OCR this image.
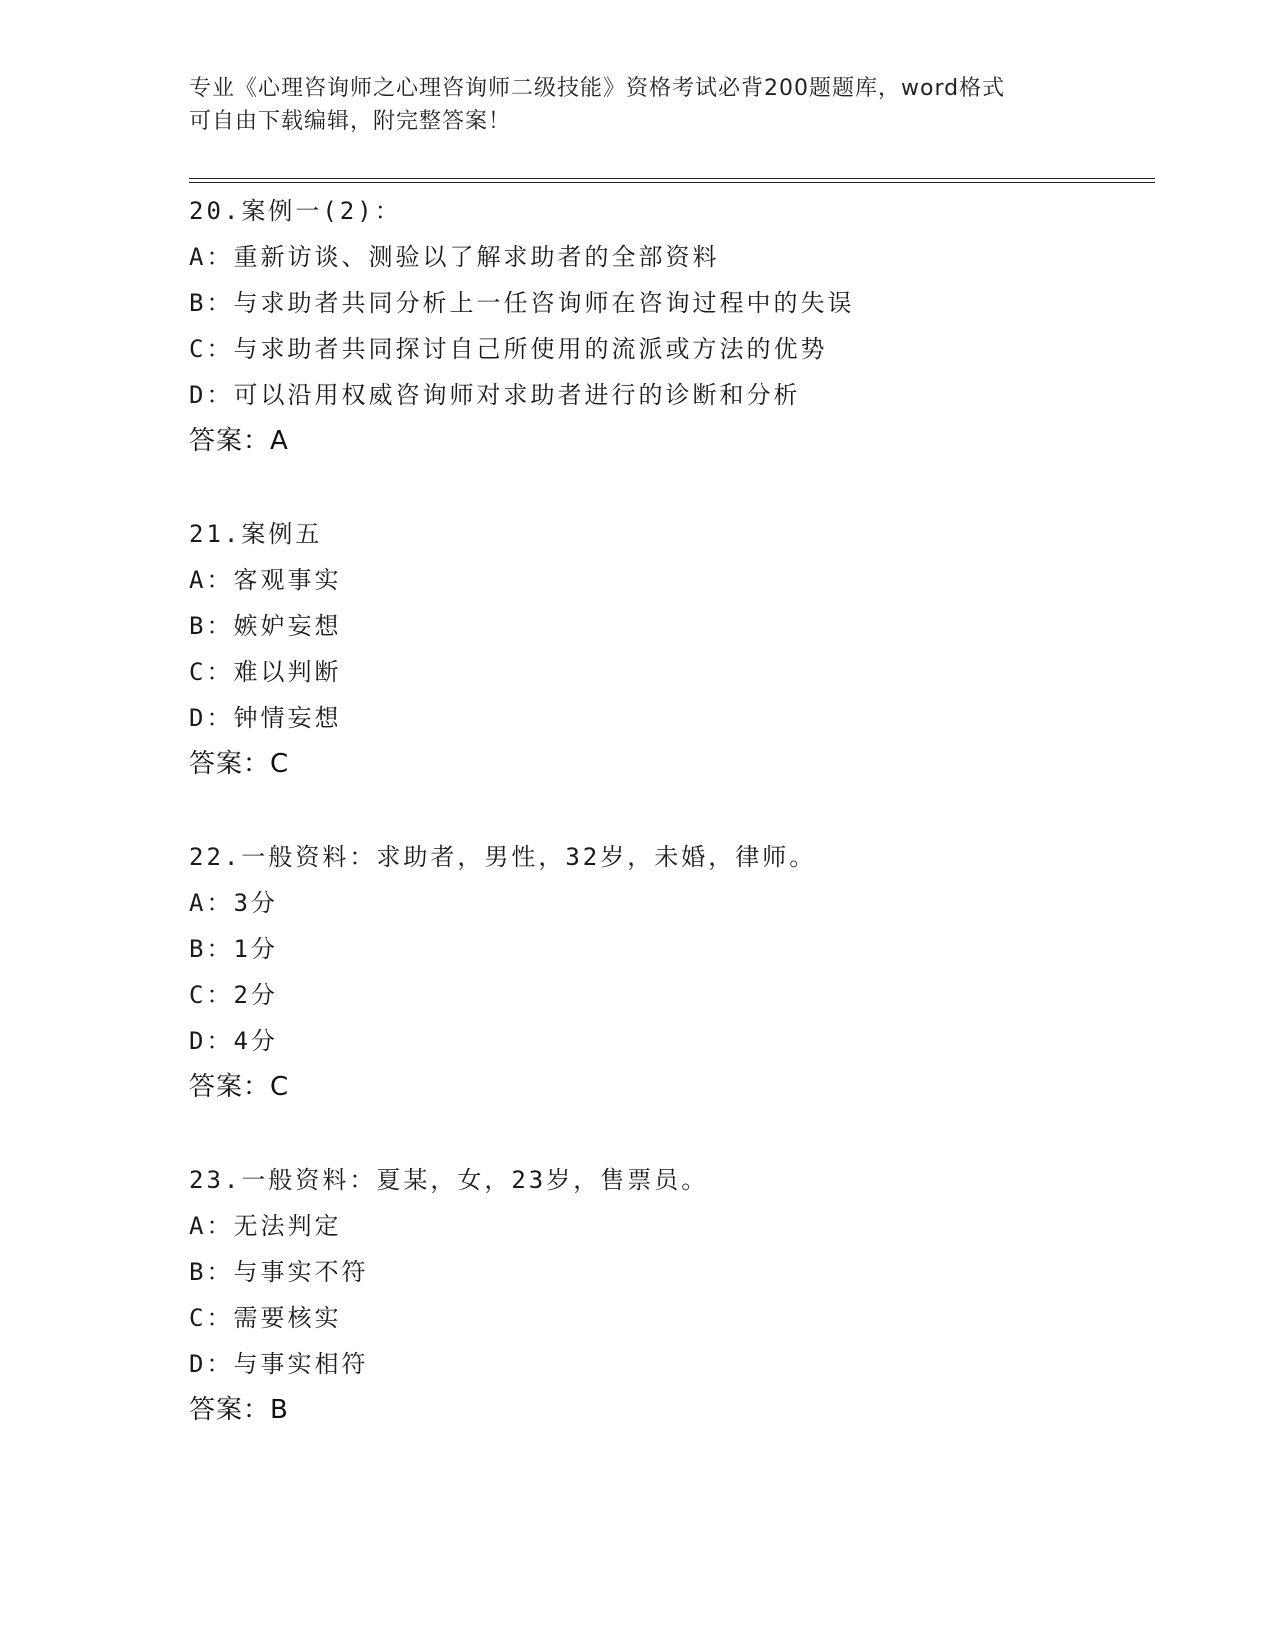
专业《心理咨询师之心理咨询师二级技能》资格考试必背200题题库，word格式
可自由下载编辑，附完整答案！
20.案例一(2)：
A：重新访谈、测验以了解求助者的全部资料
B：与求助者共同分析上一任咨询师在咨询过程中的失误
C：与求助者共同探讨自己所使用的流派或方法的优势
D：可以沿用权威咨询师对求助者进行的诊断和分析
答案：A
21.案例五
A：客观事实
B：嫉妒妄想
C：难以判断
D：钟情妄想
答案：C
22.一般资料：求助者，男性，32岁，未婚，律师。
A：3分
B：1分
C：2分
D：4分
答案：C
23.一般资料：夏某，女，23岁，售票员。
A：无法判定
B：与事实不符
C：需要核实
D：与事实相符
答案：B
